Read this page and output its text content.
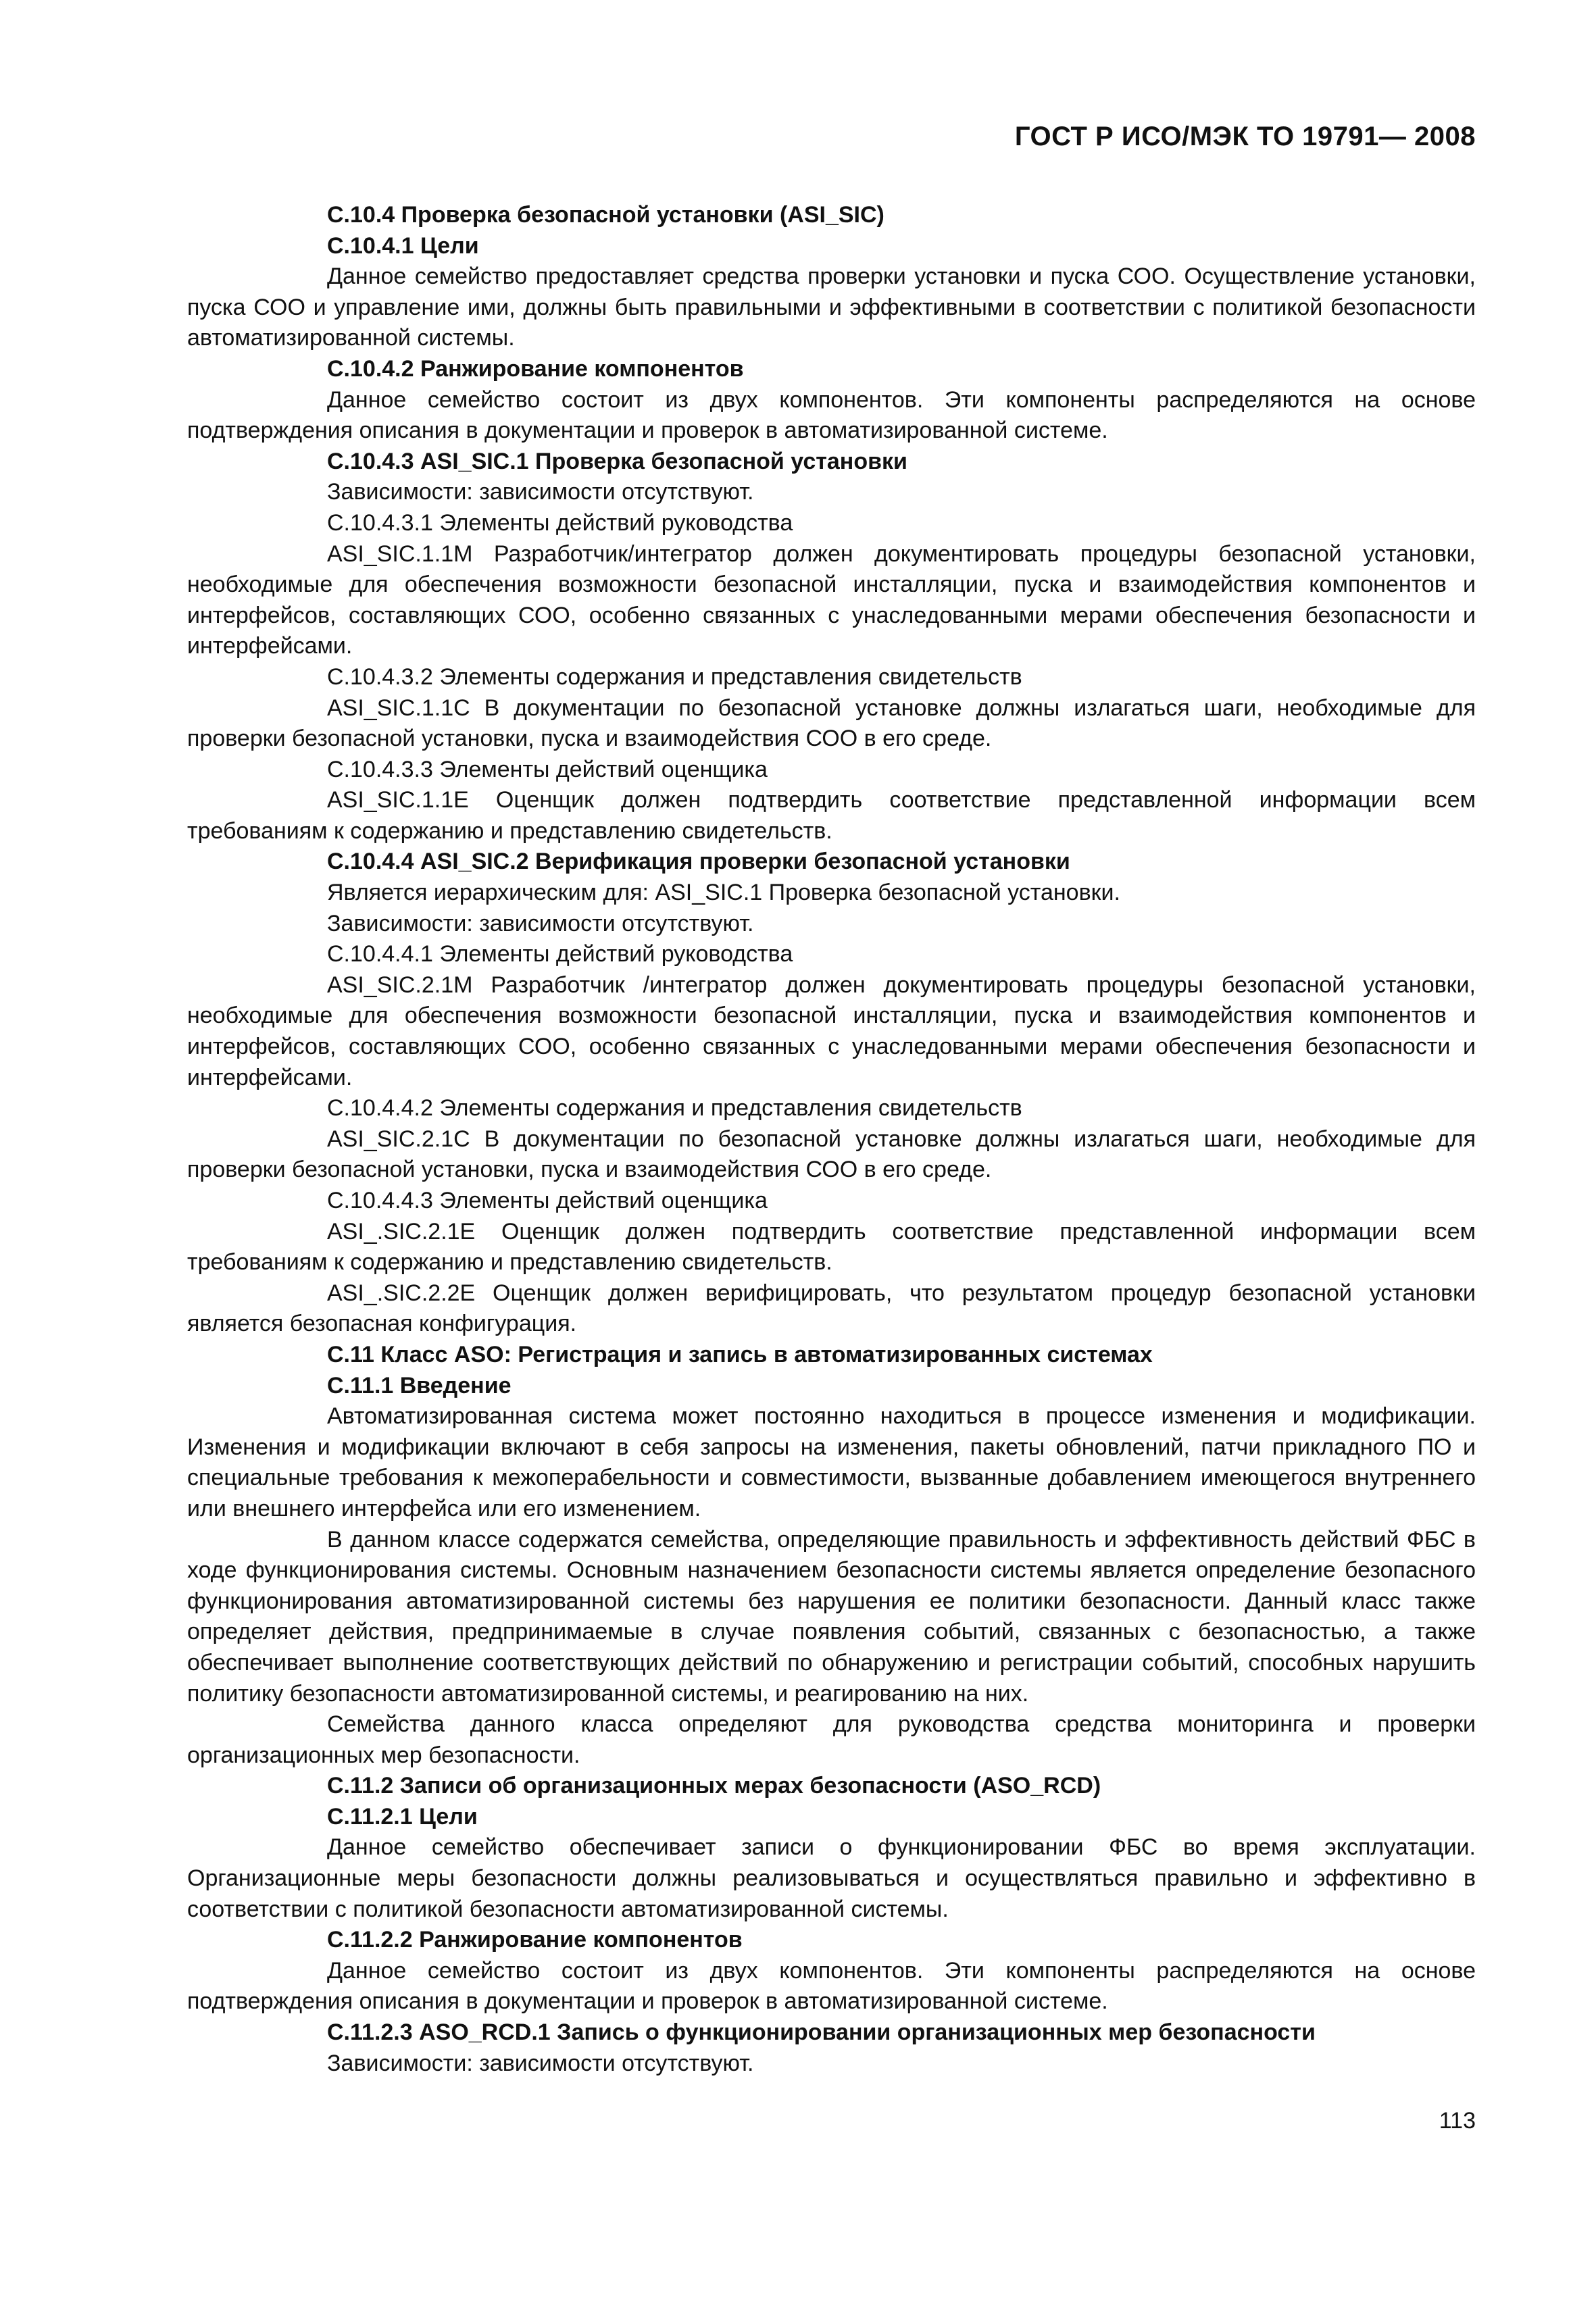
ГОСТ Р ИСО/МЭК ТО 19791— 2008
С.10.4 Проверка безопасной установки (ASI_SIC)
С.10.4.1 Цели
Данное семейство предоставляет средства проверки установки и пуска СОО. Осуществление установки, пуска СОО и управление ими, должны быть правильными и эффективными в соответствии с политикой безопасности автоматизированной системы.
С.10.4.2 Ранжирование компонентов
Данное семейство состоит из двух компонентов. Эти компоненты распределяются на основе подтверждения описания в документации и проверок в автоматизированной системе.
С.10.4.3 ASI_SIC.1 Проверка безопасной установки
Зависимости: зависимости отсутствуют.
С.10.4.3.1 Элементы действий руководства
ASI_SIC.1.1M Разработчик/интегратор должен документировать процедуры безопасной установки, необходимые для обеспечения возможности безопасной инсталляции, пуска и взаимодействия компонентов и интерфейсов, составляющих СОО, особенно связанных с унаследованными мерами обеспечения безопасности и интерфейсами.
С.10.4.3.2 Элементы содержания и представления свидетельств
ASI_SIC.1.1C В документации по безопасной установке должны излагаться шаги, необходимые для проверки безопасной установки, пуска и взаимодействия СОО в его среде.
С.10.4.3.3 Элементы действий оценщика
ASI_SIC.1.1E Оценщик должен подтвердить соответствие представленной информации всем требованиям к содержанию и представлению свидетельств.
С.10.4.4 ASI_SIC.2 Верификация проверки безопасной установки
Является иерархическим для: ASI_SIC.1 Проверка безопасной установки.
Зависимости: зависимости отсутствуют.
С.10.4.4.1 Элементы действий руководства
ASI_SIC.2.1M Разработчик /интегратор должен документировать процедуры безопасной установки, необходимые для обеспечения возможности безопасной инсталляции, пуска и взаимодействия компонентов и интерфейсов, составляющих СОО, особенно связанных с унаследованными мерами обеспечения безопасности и интерфейсами.
С.10.4.4.2 Элементы содержания и представления свидетельств
ASI_SIC.2.1C В документации по безопасной установке должны излагаться шаги, необходимые для проверки безопасной установки, пуска и взаимодействия СОО в его среде.
С.10.4.4.3 Элементы действий оценщика
ASI_.SIC.2.1E Оценщик должен подтвердить соответствие представленной информации всем требованиям к содержанию и представлению свидетельств.
ASI_.SIC.2.2E Оценщик должен верифицировать, что результатом процедур безопасной установки является безопасная конфигурация.
С.11 Класс ASO: Регистрация и запись в автоматизированных системах
С.11.1 Введение
Автоматизированная система может постоянно находиться в процессе изменения и модификации. Изменения и модификации включают в себя запросы на изменения, пакеты обновлений, патчи прикладного ПО и специальные требования к межоперабельности и совместимости, вызванные добавлением имеющегося внутреннего или внешнего интерфейса или его изменением.
В данном классе содержатся семейства, определяющие правильность и эффективность действий ФБС в ходе функционирования системы. Основным назначением безопасности системы является определение безопасного функционирования автоматизированной системы без нарушения ее политики безопасности. Данный класс также определяет действия, предпринимаемые в случае появления событий, связанных с безопасностью, а также обеспечивает выполнение соответствующих действий по обнаружению и регистрации событий, способных нарушить политику безопасности автоматизированной системы, и реагированию на них.
Семейства данного класса определяют для руководства средства мониторинга и проверки организационных мер безопасности.
С.11.2 Записи об организационных мерах безопасности (ASO_RCD)
С.11.2.1 Цели
Данное семейство обеспечивает записи о функционировании ФБС во время эксплуатации. Организационные меры безопасности должны реализовываться и осуществляться правильно и эффективно в соответствии с политикой безопасности автоматизированной системы.
С.11.2.2 Ранжирование компонентов
Данное семейство состоит из двух компонентов. Эти компоненты распределяются на основе подтверждения описания в документации и проверок в автоматизированной системе.
С.11.2.3 ASO_RCD.1 Запись о функционировании организационных мер безопасности
Зависимости: зависимости отсутствуют.
113
